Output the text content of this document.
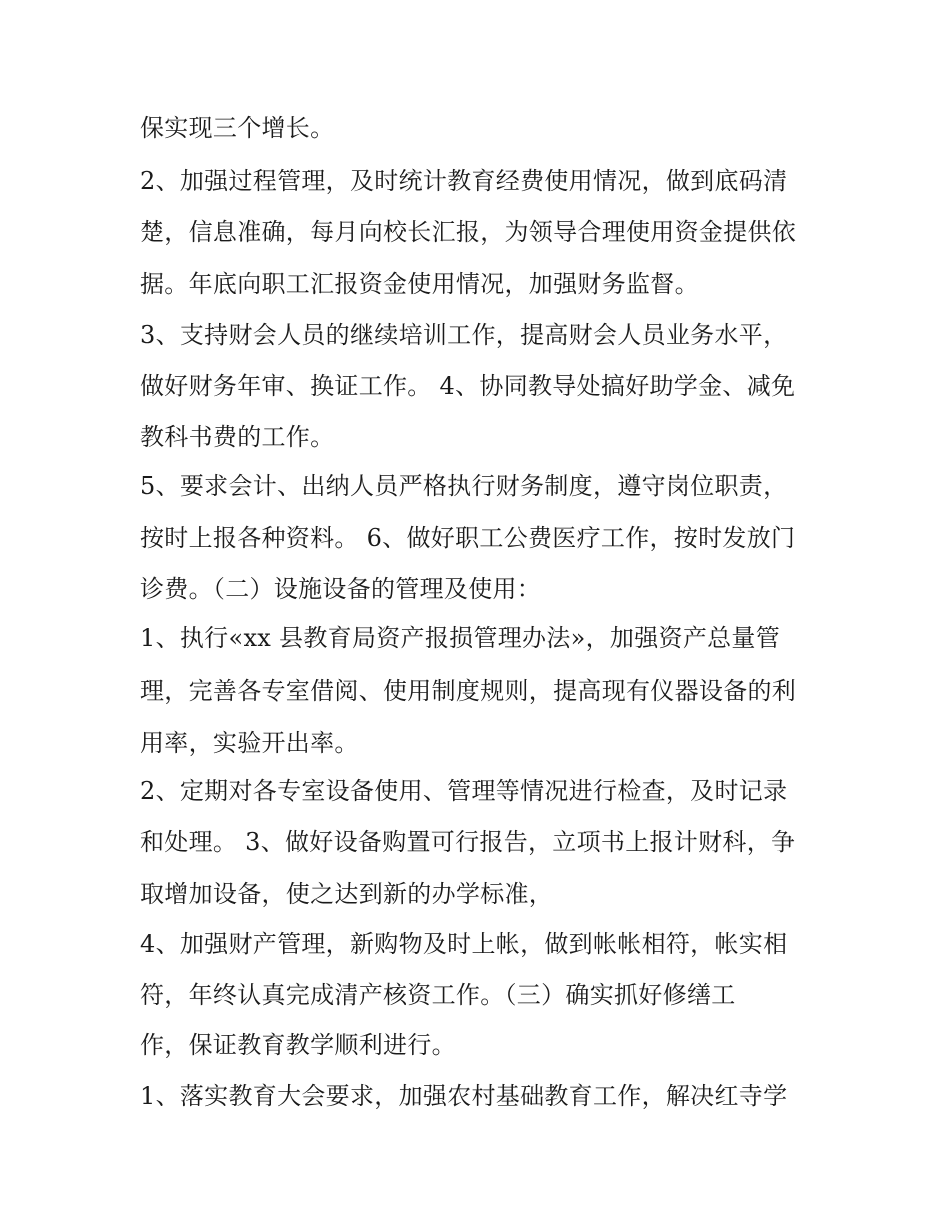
保实现三个增长。

2、加强过程管理，及时统计教育经费使用情况，做到底码清

楚，信息准确，每月向校长汇报，为领导合理使用资金提供依

据。年底向职工汇报资金使用情况，加强财务监督。

3、支持财会人员的继续培训工作，提高财会人员业务水平，

做好财务年审、换证工作。 4、协同教导处搞好助学金、减免

教科书费的工作。

5、要求会计、出纳人员严格执行财务制度，遵守岗位职责，

按时上报各种资料。 6、做好职工公费医疗工作，按时发放门

诊费。（二）设施设备的管理及使用：

1、执行«xx 县教育局资产报损管理办法»，加强资产总量管

理，完善各专室借阅、使用制度规则，提高现有仪器设备的利

用率，实验开出率。

2、定期对各专室设备使用、管理等情况进行检查，及时记录

和处理。 3、做好设备购置可行报告，立项书上报计财科，争

取增加设备，使之达到新的办学标准，

4、加强财产管理，新购物及时上帐，做到帐帐相符，帐实相

符，年终认真完成清产核资工作。（三）确实抓好修缮工

作，保证教育教学顺利进行。

1、落实教育大会要求，加强农村基础教育工作，解决红寺学
